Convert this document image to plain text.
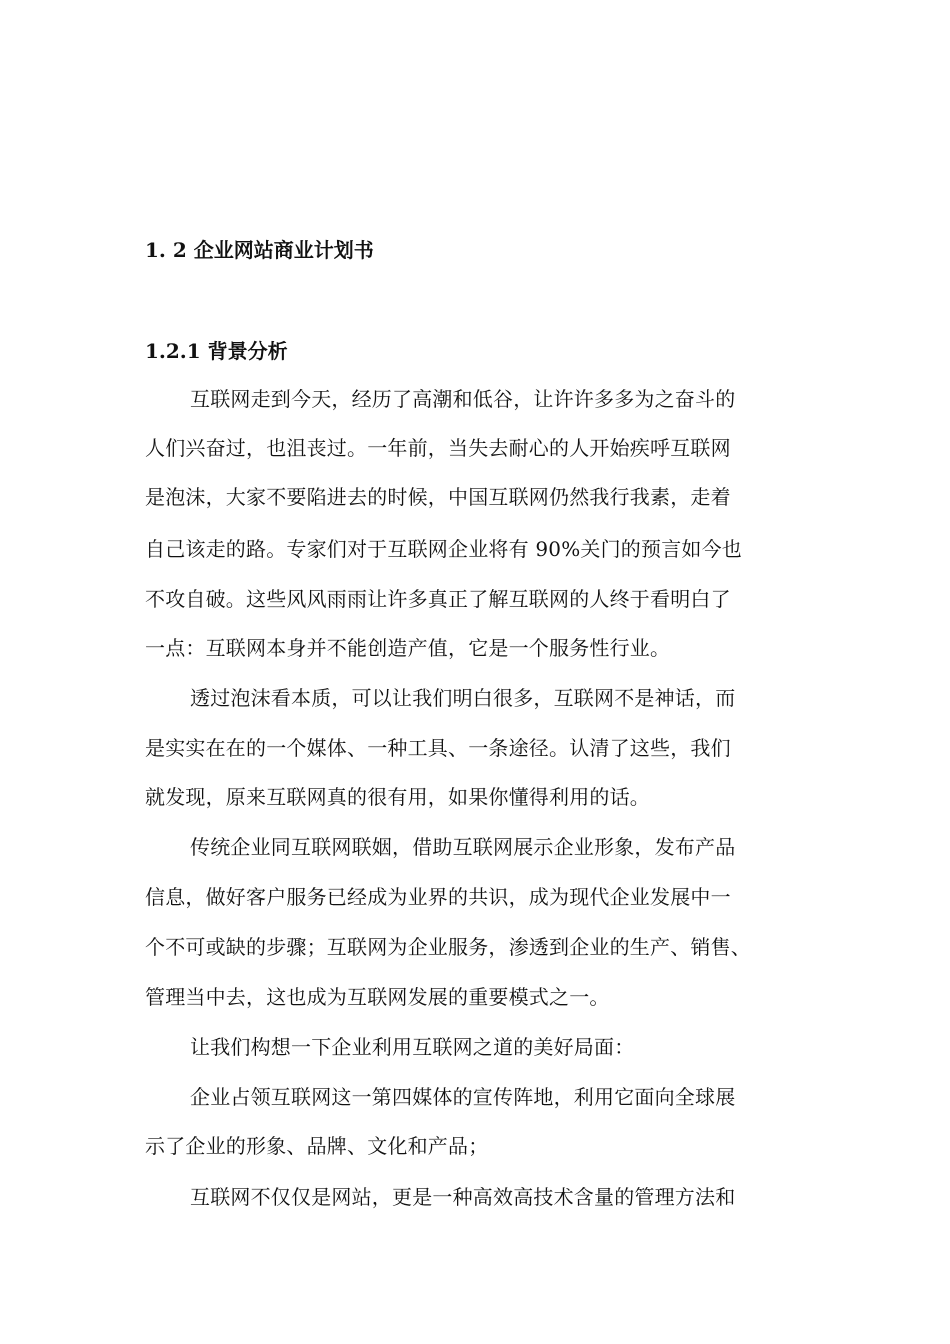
1. 2 企业网站商业计划书
1.2.1 背景分析

互联网走到今天，经历了高潮和低谷，让许许多多为之奋斗的

人们兴奋过，也沮丧过。一年前，当失去耐心的人开始疾呼互联网

是泡沫，大家不要陷进去的时候，中国互联网仍然我行我素，走着

自己该走的路。专家们对于互联网企业将有 90%关门的预言如今也

不攻自破。这些风风雨雨让许多真正了解互联网的人终于看明白了

一点：互联网本身并不能创造产值，它是一个服务性行业。

透过泡沫看本质，可以让我们明白很多，互联网不是神话，而

是实实在在的一个媒体、一种工具、一条途径。认清了这些，我们

就发现，原来互联网真的很有用，如果你懂得利用的话。

传统企业同互联网联姻，借助互联网展示企业形象，发布产品

信息，做好客户服务已经成为业界的共识，成为现代企业发展中一

个不可或缺的步骤；互联网为企业服务，渗透到企业的生产、销售、

管理当中去，这也成为互联网发展的重要模式之一。

让我们构想一下企业利用互联网之道的美好局面：

企业占领互联网这一第四媒体的宣传阵地，利用它面向全球展

示了企业的形象、品牌、文化和产品；

互联网不仅仅是网站，更是一种高效高技术含量的管理方法和
